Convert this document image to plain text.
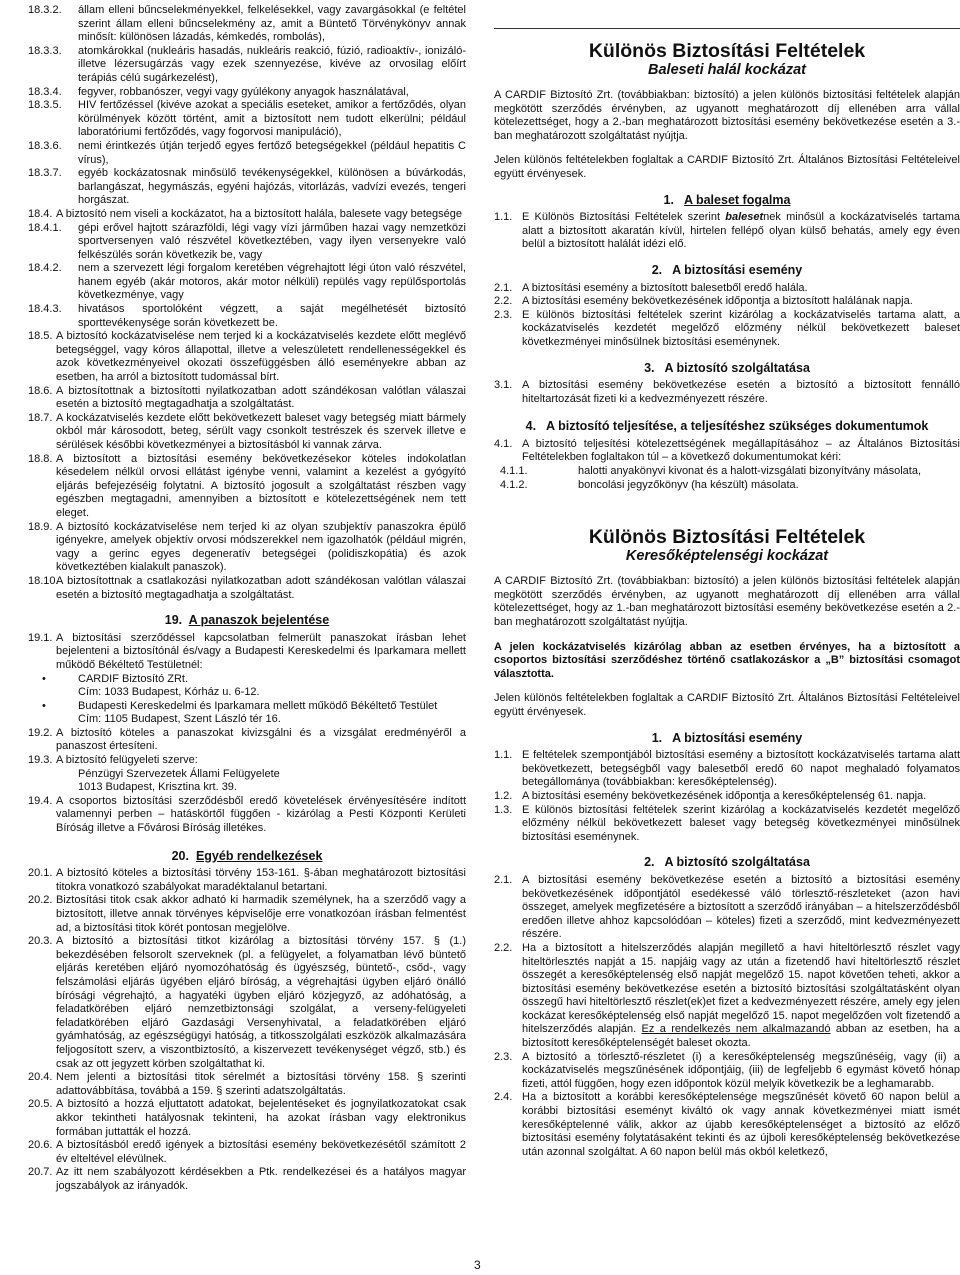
18.3.2. állam elleni bűncselekményekkel, felkelésekkel, vagy zavargásokkal (e feltétel szerint állam elleni bűncselekmény az, amit a Büntető Törvénykönyv annak minősít: különösen lázadás, kémkedés, rombolás),
18.3.3. atomkárokkal (nukleáris hasadás, nukleáris reakció, fúzió, radioaktív-, ionizáló- illetve lézersugárzás vagy ezek szennyezése, kivéve az orvosilag előírt terápiás célú sugárkezelést),
18.3.4. fegyver, robbanószer, vegyi vagy gyúlékony anyagok használatával,
18.3.5. HIV fertőzéssel (kivéve azokat a speciális eseteket, amikor a fertőződés, olyan körülmények között történt, amit a biztosított nem tudott elkerülni; például laboratóriumi fertőződés, vagy fogorvosi manipuláció),
18.3.6. nemi érintkezés útján terjedő egyes fertőző betegségekkel (például hepatitis C vírus),
18.3.7. egyéb kockázatosnak minősülő tevékenységekkel, különösen a búvárkodás, barlangászat, hegymászás, egyéni hajózás, vitorlázás, vadvízi evezés, tengeri horgászat.
18.4. A biztosító nem viseli a kockázatot, ha a biztosított halála, balesete vagy betegsége
18.4.1. gépi erővel hajtott szárazföldi, légi vagy vízi járműben hazai vagy nemzetközi sportversenyen való részvétel következtében, vagy ilyen versenyekre való felkészülés során következik be, vagy
18.4.2. nem a szervezett légi forgalom keretében végrehajtott légi úton való részvétel, hanem egyéb (akár motoros, akár motor nélküli) repülés vagy repülősportolás következménye, vagy
18.4.3. hivatásos sportolóként végzett, a saját megélhetését biztosító sporttevékenysége során következett be.
18.5. A biztosító kockázatviselése nem terjed ki a kockázatviselés kezdete előtt meglévő betegséggel, vagy kóros állapottal, illetve a veleszületett rendellenességekkel és azok következményeivel okozati összefüggésben álló eseményekre abban az esetben, ha arról a biztosított tudomással bírt.
18.6. A biztosítottnak a biztosítotti nyilatkozatban adott szándékosan valótlan válaszai esetén a biztosító megtagadhatja a szolgáltatást.
18.7. A kockázatviselés kezdete előtt bekövetkezett baleset vagy betegség miatt bármely okból már károsodott, beteg, sérült vagy csonkolt testrészek és szervek illetve e sérülések későbbi következményei a biztosításból ki vannak zárva.
18.8. A biztosított a biztosítási esemény bekövetkezésekor köteles indokolatlan késedelem nélkül orvosi ellátást igénybe venni, valamint a kezelést a gyógyító eljárás befejezéséig folytatni. A biztosító jogosult a szolgáltatást részben vagy egészben megtagadni, amennyiben a biztosított e kötelezettségének nem tett eleget.
18.9. A biztosító kockázatviselése nem terjed ki az olyan szubjektív panaszokra épülő igényekre, amelyek objektív orvosi módszerekkel nem igazolhatók (például migrén, vagy a gerinc egyes degeneratív betegségei (polidiszkopátia) és azok következtében kialakult panaszok).
18.10.
A biztosítottnak a csatlakozási nyilatkozatban adott szándékosan valótlan válaszai esetén a biztosító megtagadhatja a szolgáltatást.
19. A panaszok bejelentése
19.1. A biztosítási szerződéssel kapcsolatban felmerült panaszokat írásban lehet bejelenteni a biztosítónál és/vagy a Budapesti Kereskedelmi és Iparkamara mellett működő Békéltető Testületnél:
• CARDIF Biztosító ZRt.
Cím: 1033 Budapest, Kórház u. 6-12.
• Budapesti Kereskedelmi és Iparkamara mellett működő Békéltető Testület
Cím: 1105 Budapest, Szent László tér 16.
19.2. A biztosító köteles a panaszokat kivizsgálni és a vizsgálat eredményéről a panaszost értesíteni.
19.3. A biztosító felügyeleti szerve:
Pénzügyi Szervezetek Állami Felügyelete
1013 Budapest, Krisztina krt. 39.
19.4. A csoportos biztosítási szerződésből eredő követelések érvényesítésére indított valamennyi perben – hatáskörtől függően - kizárólag a Pesti Központi Kerületi Bíróság illetve a Fővárosi Bíróság illetékes.
20. Egyéb rendelkezések
20.1. A biztosító köteles a biztosítási törvény 153-161. §-ában meghatározott biztosítási titokra vonatkozó szabályokat maradéktalanul betartani.
20.2. Biztosítási titok csak akkor adható ki harmadik személynek, ha a szerződő vagy a biztosított, illetve annak törvényes képviselője erre vonatkozóan írásban felmentést ad, a biztosítási titok körét pontosan megjelölve.
20.3. A biztosító a biztosítási titkot kizárólag a biztosítási törvény 157. § (1.) bekezdésében felsorolt szerveknek (pl. a felügyelet, a folyamatban lévő büntető eljárás keretében eljáró nyomozóhatóság és ügyészség, büntető-, csőd-, vagy felszámolási eljárás ügyében eljáró bíróság, a végrehajtási ügyben eljáró önálló bírósági végrehajtó, a hagyatéki ügyben eljáró közjegyző, az adóhatóság, a feladatkörében eljáró nemzetbiztonsági szolgálat, a verseny-felügyeleti feladatkörében eljáró Gazdasági Versenyhivatal, a feladatkörében eljáró gyámhatóság, az egészségügyi hatóság, a titkosszolgálati eszközök alkalmazására feljogosított szerv, a viszontbiztosító, a kiszervezett tevékenységet végző, stb.) és csak az ott jegyzett körben szolgáltathat ki.
20.4. Nem jelenti a biztosítási titok sérelmét a biztosítási törvény 158. § szerinti adattovábbítása, továbbá a 159. § szerinti adatszolgáltatás.
20.5. A biztosító a hozzá eljuttatott adatokat, bejelentéseket és jognyilatkozatokat csak akkor tekintheti hatályosnak tekinteni, ha azokat írásban vagy elektronikus formában juttatták el hozzá.
20.6. A biztosításból eredő igények a biztosítási esemény bekövetkezésétől számított 2 év elteltével elévülnek.
20.7. Az itt nem szabályozott kérdésekben a Ptk. rendelkezései és a hatályos magyar jogszabályok az irányadók.
Különös Biztosítási Feltételek
Baleseti halál kockázat

A CARDIF Biztosító Zrt. (továbbiakban: biztosító) a jelen különös biztosítási feltételek alapján megkötött szerződés érvényben, az ugyanott meghatározott díj ellenében arra vállal kötelezettséget, hogy a 2.-ban meghatározott biztosítási esemény bekövetkezése esetén a 3.-ban meghatározott szolgáltatást nyújtja.

Jelen különös feltételekben foglaltak a CARDIF Biztosító Zrt. Általános Biztosítási Feltételeivel együtt érvényesek.

1. A baleset fogalma
1.1. E Különös Biztosítási Feltételek szerint balesetnek minősül a kockázatviselés tartama alatt a biztosított akaratán kívül, hirtelen fellépő olyan külső behatás, amely egy éven belül a biztosított halálát idézi elő.
2. A biztosítási esemény
2.1. A biztosítási esemény a biztosított balesetből eredő halála.
2.2. A biztosítási esemény bekövetkezésének időpontja a biztosított halálának napja.
2.3. E különös biztosítási feltételek szerint kizárólag a kockázatviselés tartama alatt, a kockázatviselés kezdetét megelőző előzmény nélkül bekövetkezett baleset következményei minősülnek biztosítási eseménynek.
3. A biztosító szolgáltatása
3.1. A biztosítási esemény bekövetkezése esetén a biztosító a biztosított fennálló hiteltartozását fizeti ki a kedvezményezett részére.
4. A biztosító teljesítése, a teljesítéshez szükséges dokumentumok
4.1. A biztosító teljesítési kötelezettségének megállapításához – az Általános Biztosítási Feltételekben foglaltakon túl – a következő dokumentumokat kéri:
4.1.1.	halotti anyakönyvi kivonat és a halott-vizsgálati bizonyítvány másolata,
4.1.2.	boncolási jegyzőkönyv (ha készült) másolata.
Különös Biztosítási Feltételek
Keresőképtelenségi kockázat

A CARDIF Biztosító Zrt. (továbbiakban: biztosító) a jelen különös biztosítási feltételek alapján megkötött szerződés érvényben, az ugyanott meghatározott díj ellenében arra vállal kötelezettséget, hogy az 1.-ban meghatározott biztosítási esemény bekövetkezése esetén a 2.-ban meghatározott szolgáltatást nyújtja.

A jelen kockázatviselés kizárólag abban az esetben érvényes, ha a biztosított a csoportos biztosítási szerződéshez történő csatlakozáskor a „B” biztosítási csomagot választotta.

Jelen különös feltételekben foglaltak a CARDIF Biztosító Zrt. Általános Biztosítási Feltételeivel együtt érvényesek.

1. A biztosítási esemény
1.1. E feltételek szempontjából biztosítási esemény a biztosított kockázatviselés tartama alatt bekövetkezett, betegségből vagy balesetből eredő 60 napot meghaladó folyamatos betegállománya (továbbiakban: keresőképtelenség).
1.2. A biztosítási esemény bekövetkezésének időpontja a keresőképtelenség 61. napja.
1.3. E különös biztosítási feltételek szerint kizárólag a kockázatviselés kezdetét megelőző előzmény nélkül bekövetkezett baleset vagy betegség következményei minősülnek biztosítási eseménynek.
2. A biztosító szolgáltatása
2.1. A biztosítási esemény bekövetkezése esetén a biztosító a biztosítási esemény bekövetkezésének időpontjától esedékessé váló törlesztő-részleteket (azon havi összeget, amelyek megfizetésére a biztosított a szerződő irányában – a hitelszerződésből eredően illetve ahhoz kapcsolódóan – köteles) fizeti a szerződő, mint kedvezményezett részére.
2.2. Ha a biztosított a hitelszerződés alapján megillető a havi hiteltörlesztő részlet vagy hiteltörlesztés napját a 15. napjáig vagy az után a fizetendő havi hiteltörlesztő részlet összegét a keresőképtelenség első napját megelőző 15. napot követően teheti, akkor a biztosítási esemény bekövetkezése esetén a biztosító biztosítási szolgáltatásként olyan összegű havi hiteltörlesztő részlet(ek)et fizet a kedvezményezett részére, amely egy jelen kockázat keresőképtelenség első napját megelőző 15. napot megelőzően volt fizetendő a hitelszerződés alapján. Ez a rendelkezés nem alkalmazandó abban az esetben, ha a biztosított keresőképtelenségét baleset okozta.
2.3. A biztosító a törlesztő-részletet (i) a keresőképtelenség megszűnéséig, vagy (ii) a kockázatviselés megszűnésének időpontjáig, (iii) de legfeljebb 6 egymást követő hónap fizeti, attól függően, hogy ezen időpontok közül melyik következik be a leghamarabb.
2.4. Ha a biztosított a korábbi keresőképtelensége megszűnését követő 60 napon belül a korábbi biztosítási eseményt kiváltó ok vagy annak következményei miatt ismét keresőképtelenné válik, akkor az újabb keresőképtelenséget a biztosító az előző biztosítási esemény folytatásaként tekinti és az újboli keresőképtelenség bekövetkezése után azonnal szolgáltat. A 60 napon belül más okból keletkező,
3
